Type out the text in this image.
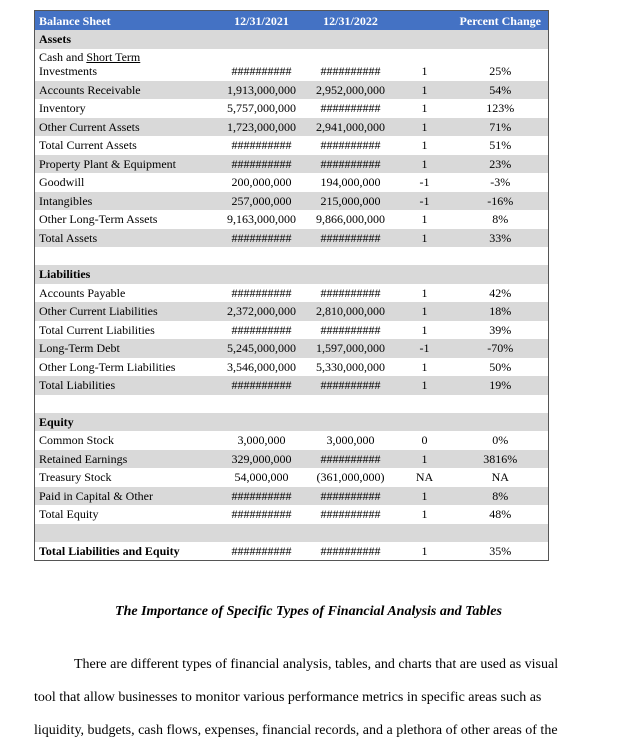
Balance Sheet	12/31/2021	12/31/2022		Percent Change
Assets				

Cash and Short Term
Investments	##########	##########	1	25%
Accounts Receivable	1,913,000,000	2,952,000,000	1	54%
Inventory	5,757,000,000	##########	1	123%
Other Current Assets	1,723,000,000	2,941,000,000	1	71%
Total Current Assets	##########	##########	1	51%
Property Plant & Equipment	##########	##########	1	23%
Goodwill	200,000,000	194,000,000	-1	-3%
Intangibles	257,000,000	215,000,000	-1	-16%
Other Long-Term Assets	9,163,000,000	9,866,000,000	1	8%
Total Assets	##########	##########	1	33%

Liabilities				
Accounts Payable	##########	##########	1	42%
Other Current Liabilities	2,372,000,000	2,810,000,000	1	18%
Total Current Liabilities	##########	##########	1	39%
Long-Term Debt	5,245,000,000	1,597,000,000	-1	-70%
Other Long-Term Liabilities	3,546,000,000	5,330,000,000	1	50%
Total Liabilities	##########	##########	1	19%

Equity				
Common Stock	3,000,000	3,000,000	0	0%
Retained Earnings	329,000,000	##########	1	3816%
Treasury Stock	54,000,000	(361,000,000)	NA	NA
Paid in Capital & Other	##########	##########	1	8%
Total Equity	##########	##########	1	48%

Total Liabilities and Equity	##########	##########	1	35%
The Importance of Specific Types of Financial Analysis and Tables

There are different types of financial analysis, tables, and charts that are used as visual tool that allow businesses to monitor various performance metrics in specific areas such as liquidity, budgets, cash flows, expenses, financial records, and a plethora of other areas of the
